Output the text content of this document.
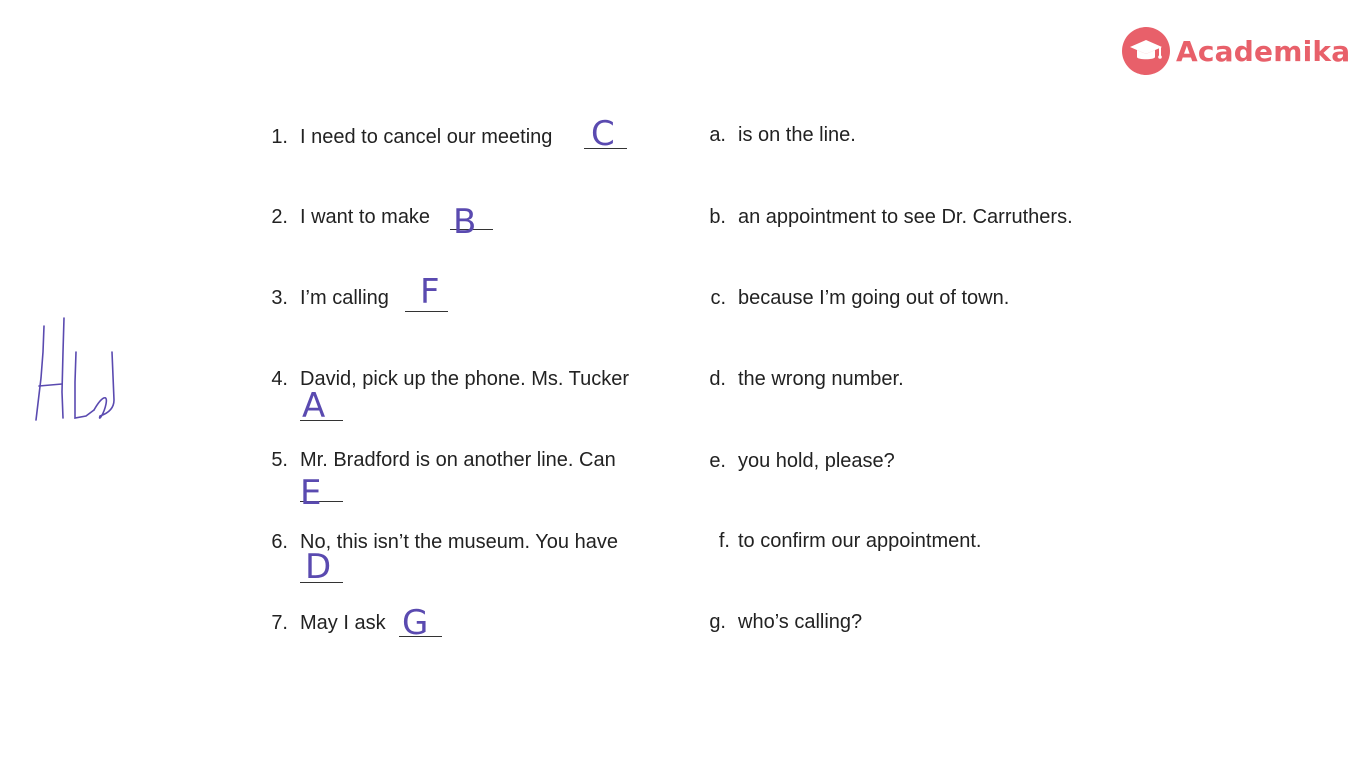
Academika
1. I need to cancel our meeting C
2. I want to make B
3. I’m calling F
4. David, pick up the phone. Ms. Tucker
A
5. Mr. Bradford is on another line. Can
E
6. No, this isn’t the museum. You have
D
7. May I ask G
a. is on the line.
b. an appointment to see Dr. Carruthers.
c. because I’m going out of town.
d. the wrong number.
e. you hold, please?
f. to confirm our appointment.
g. who’s calling?
